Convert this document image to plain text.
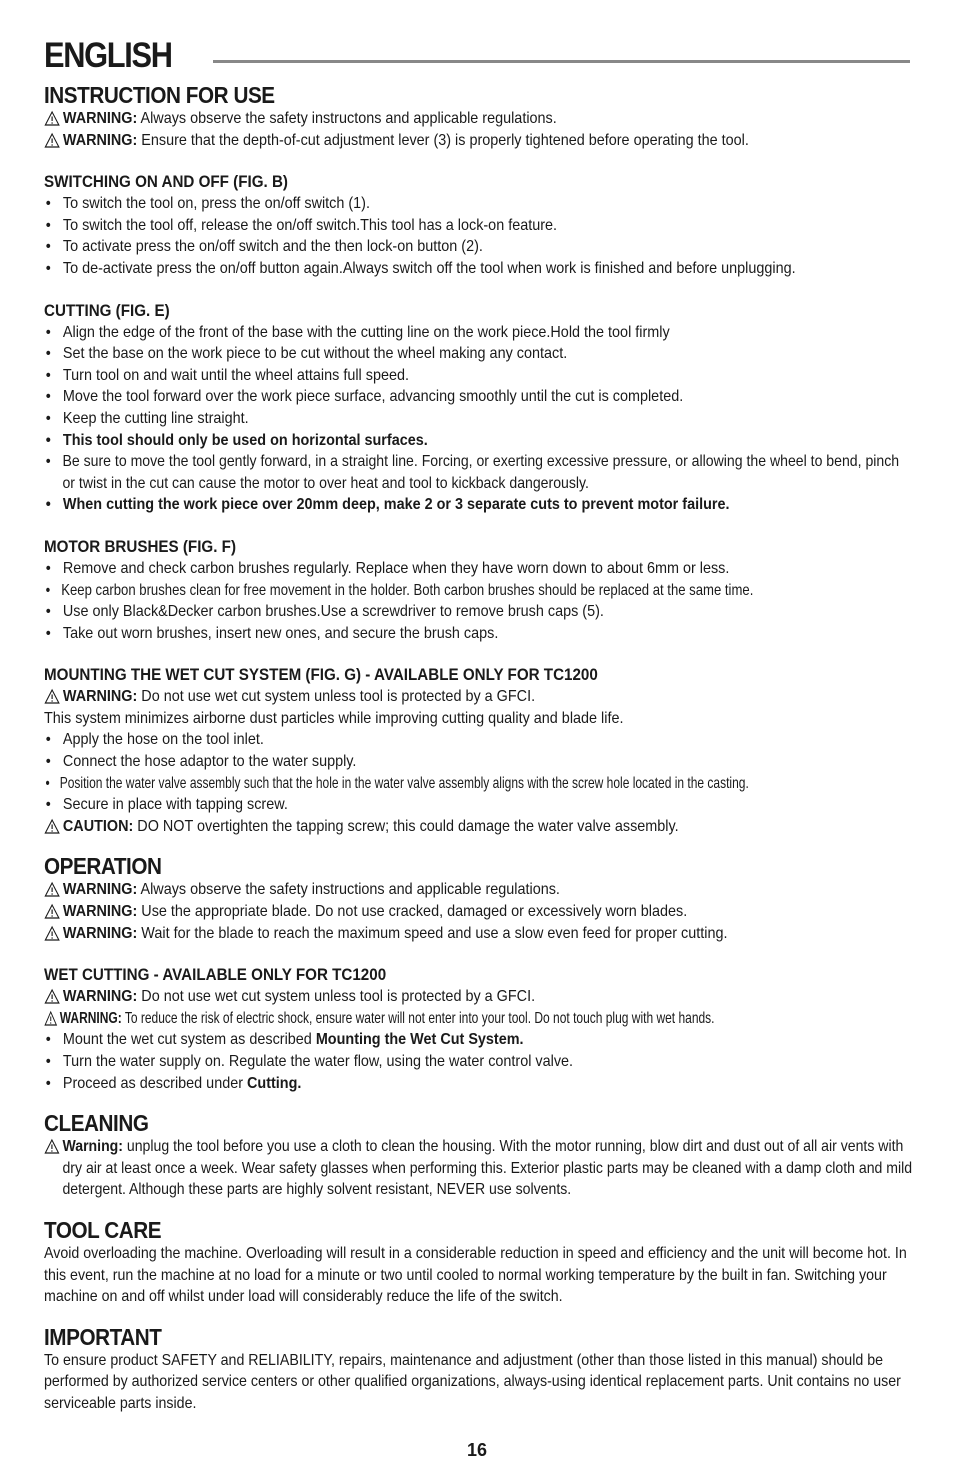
ENGLISH
INSTRUCTION FOR USE
WARNING: Always observe the safety instructons and applicable regulations.
WARNING: Ensure that the depth-of-cut adjustment lever (3) is properly tightened before operating the tool.
SWITCHING ON AND OFF (FIG. B)
• To switch the tool on, press the on/off switch (1).
• To switch the tool off, release the on/off switch.This tool has a lock-on feature.
• To activate press the on/off switch and the then lock-on button (2).
• To de-activate press the on/off button again.Always switch off the tool when work is finished and before unplugging.
CUTTING (FIG. E)
• Align the edge of the front of the base with the cutting line on the work piece.Hold the tool firmly
• Set the base on the work piece to be cut without the wheel making any contact.
• Turn tool on and wait until the wheel attains full speed.
• Move the tool forward over the work piece surface, advancing smoothly until the cut is completed.
• Keep the cutting line straight.
• This tool should only be used on horizontal surfaces.
• Be sure to move the tool gently forward, in a straight line. Forcing, or exerting excessive pressure, or allowing the wheel to bend, pinch or twist in the cut can cause the motor to over heat and tool to kickback dangerously.
• When cutting the work piece over 20mm deep, make 2 or 3 separate cuts to prevent motor failure.
MOTOR BRUSHES (FIG. F)
• Remove and check carbon brushes regularly. Replace when they have worn down to about 6mm or less.
• Keep carbon brushes clean for free movement in the holder. Both carbon brushes should be replaced at the same time.
• Use only Black&Decker carbon brushes.Use a screwdriver to remove brush caps (5).
• Take out worn brushes, insert new ones, and secure the brush caps.
MOUNTING THE WET CUT SYSTEM (FIG. G) - AVAILABLE ONLY FOR TC1200
WARNING: Do not use wet cut system unless tool is protected by a GFCI.
This system minimizes airborne dust particles while improving cutting quality and blade life.
• Apply the hose on the tool inlet.
• Connect the hose adaptor to the water supply.
• Position the water valve assembly such that the hole in the water valve assembly aligns with the screw hole located in the casting.
• Secure in place with tapping screw.
CAUTION: DO NOT overtighten the tapping screw; this could damage the water valve assembly.
OPERATION
WARNING: Always observe the safety instructions and applicable regulations.
WARNING: Use the appropriate blade. Do not use cracked, damaged or excessively worn blades.
WARNING: Wait for the blade to reach the maximum speed and use a slow even feed for proper cutting.
WET CUTTING - AVAILABLE ONLY FOR TC1200
WARNING: Do not use wet cut system unless tool is protected by a GFCI.
WARNING: To reduce the risk of electric shock, ensure water will not enter into your tool. Do not touch plug with wet hands.
• Mount the wet cut system as described Mounting the Wet Cut System.
• Turn the water supply on. Regulate the water flow, using the water control valve.
• Proceed as described under Cutting.
CLEANING
Warning: unplug the tool before you use a cloth to clean the housing. With the motor running, blow dirt and dust out of all air vents with dry air at least once a week. Wear safety glasses when performing this. Exterior plastic parts may be cleaned with a damp cloth and mild detergent. Although these parts are highly solvent resistant, NEVER use solvents.
TOOL CARE
Avoid overloading the machine. Overloading will result in a considerable reduction in speed and efficiency and the unit will become hot. In this event, run the machine at no load for a minute or two until cooled to normal working temperature by the built in fan. Switching your machine on and off whilst under load will considerably reduce the life of the switch.
IMPORTANT
To ensure product SAFETY and RELIABILITY, repairs, maintenance and adjustment (other than those listed in this manual) should be performed by authorized service centers or other qualified organizations, always-using identical replacement parts. Unit contains no user serviceable parts inside.
16
